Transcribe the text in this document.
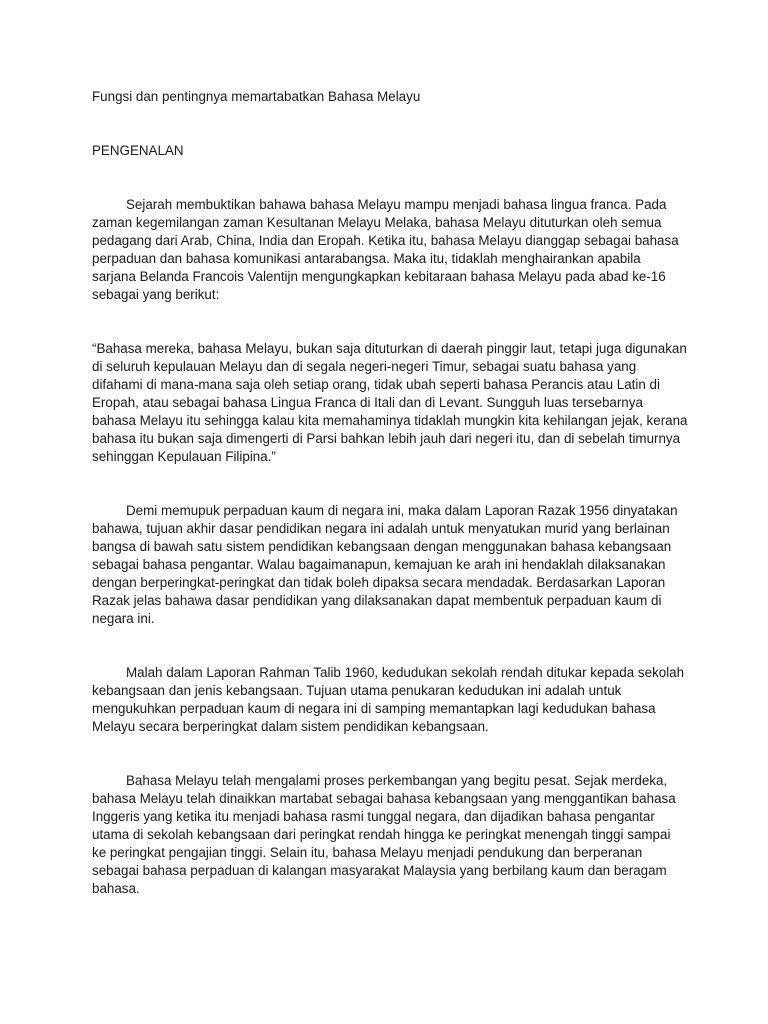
Fungsi dan pentingnya memartabatkan Bahasa Melayu

PENGENALAN

Sejarah membuktikan bahawa bahasa Melayu mampu menjadi bahasa lingua franca. Pada zaman kegemilangan zaman Kesultanan Melayu Melaka, bahasa Melayu dituturkan oleh semua pedagang dari Arab, China, India dan Eropah. Ketika itu, bahasa Melayu dianggap sebagai bahasa perpaduan dan bahasa komunikasi antarabangsa. Maka itu, tidaklah menghairankan apabila sarjana Belanda Francois Valentijn mengungkapkan kebitaraan bahasa Melayu pada abad ke-16 sebagai yang berikut:

“Bahasa mereka, bahasa Melayu, bukan saja dituturkan di daerah pinggir laut, tetapi juga digunakan di seluruh kepulauan Melayu dan di segala negeri-negeri Timur, sebagai suatu bahasa yang difahami di mana-mana saja oleh setiap orang, tidak ubah seperti bahasa Perancis atau Latin di Eropah, atau sebagai bahasa Lingua Franca di Itali dan di Levant. Sungguh luas tersebarnya bahasa Melayu itu sehingga kalau kita memahaminya tidaklah mungkin kita kehilangan jejak, kerana bahasa itu bukan saja dimengerti di Parsi bahkan lebih jauh dari negeri itu, dan di sebelah timurnya sehinggan Kepulauan Filipina.”

Demi memupuk perpaduan kaum di negara ini, maka dalam Laporan Razak 1956 dinyatakan bahawa, tujuan akhir dasar pendidikan negara ini adalah untuk menyatukan murid yang berlainan bangsa di bawah satu sistem pendidikan kebangsaan dengan menggunakan bahasa kebangsaan sebagai bahasa pengantar. Walau bagaimanapun, kemajuan ke arah ini hendaklah dilaksanakan dengan berperingkat-peringkat dan tidak boleh dipaksa secara mendadak. Berdasarkan Laporan Razak jelas bahawa dasar pendidikan yang dilaksanakan dapat membentuk perpaduan kaum di negara ini.

Malah dalam Laporan Rahman Talib 1960, kedudukan sekolah rendah ditukar kepada sekolah kebangsaan dan jenis kebangsaan. Tujuan utama penukaran kedudukan ini adalah untuk mengukuhkan perpaduan kaum di negara ini di samping memantapkan lagi kedudukan bahasa Melayu secara berperingkat dalam sistem pendidikan kebangsaan.

Bahasa Melayu telah mengalami proses perkembangan yang begitu pesat. Sejak merdeka, bahasa Melayu telah dinaikkan martabat sebagai bahasa kebangsaan yang menggantikan bahasa Inggeris yang ketika itu menjadi bahasa rasmi tunggal negara, dan dijadikan bahasa pengantar utama di sekolah kebangsaan dari peringkat rendah hingga ke peringkat menengah tinggi sampai ke peringkat pengajian tinggi. Selain itu, bahasa Melayu menjadi pendukung dan berperanan sebagai bahasa perpaduan di kalangan masyarakat Malaysia yang berbilang kaum dan beragam bahasa.
